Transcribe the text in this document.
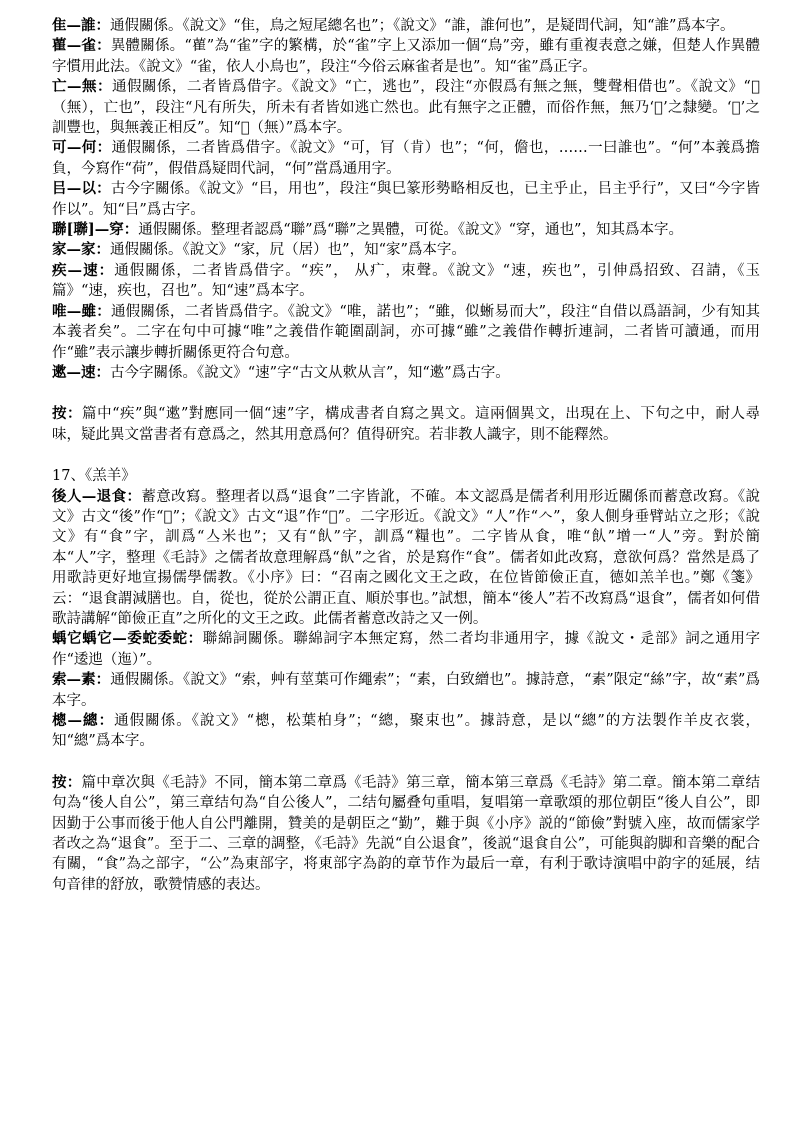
隹—誰：通假關係。《說文》“隹，鳥之短尾總名也”；《說文》“誰，誰何也”，是疑問代詞，知“誰”爲本字。

雚—雀：異體關係。“雚”為“雀”字的繁構，於“雀”字上又添加一個“鳥”旁，雖有重複表意之嫌，但楚人作異體字慣用此法。《說文》“雀，依人小鳥也”，段注“今俗云麻雀者是也”。知“雀”爲正字。

亡—無：通假關係，二者皆爲借字。《說文》“亡，逃也”，段注“亦假爲有無之無，雙聲相借也”。《說文》“𣞤（無），亡也”，段注“凡有所失，所未有者皆如逃亡然也。此有無字之正體，而俗作無，無乃‘𣞤’之隸變。‘𣞤’之訓豐也，與無義正相反”。知“𣞤（無）”爲本字。

可—何：通假關係，二者皆爲借字。《說文》“可，肎（肯）也”；“何，儋也，……一曰誰也”。“何”本義爲擔負，今寫作“荷”，假借爲疑問代詞，“何”當爲通用字。

㠯—以：古今字關係。《說文》“㠯，用也”，段注“與巳篆形勢略相反也，已主乎止，㠯主乎行”，又曰“今字皆作以”。知“㠯”爲古字。

聯[聯]—穿：通假關係。整理者認爲“聯”爲“聯”之異體，可從。《說文》“穿，通也”，知其爲本字。

家—家：通假關係。《說文》“家，凥（居）也”，知“家”爲本字。

疾—速：通假關係，二者皆爲借字。“疾”， 从疒，朿聲。《說文》“速，疾也”，引伸爲招致、召請，《玉篇》“速，疾也，召也”。知“速”爲本字。

唯—雖：通假關係，二者皆爲借字。《說文》“唯，諾也”；“雖，似蜥易而大”，段注“自借以爲語詞，少有知其本義者矣”。二字在句中可據“唯”之義借作範圍副詞，亦可據“雖”之義借作轉折連詞，二者皆可讀通，而用作“雖”表示讓步轉折關係更符合句意。

遬—速：古今字關係。《說文》“速”字“古文从欶从言”，知“遬”爲古字。

按：篇中“疾”與“遬”對應同一個“速”字，構成書者自寫之異文。這兩個異文，出現在上、下句之中，耐人尋味，疑此異文當書者有意爲之，然其用意爲何？值得研究。若非教人識字，則不能釋然。

17、《羔羊》

後人—退食：蓄意改寫。整理者以爲“退食”二字皆訛，不確。本文認爲是儒者利用形近關係而蓄意改寫。《說文》古文“後”作“𢔝”；《說文》古文“退”作“𢓴”。二字形近。《說文》“人”作“𠆢”，象人側身垂臂站立之形；《說文》有“食”字，訓爲“亼米也”；又有“飤”字，訓爲“糧也”。二字皆从食，唯“飤”增一“人”旁。對於簡本“人”字，整理《毛詩》之儒者故意理解爲“飤”之省，於是寫作“食”。儒者如此改寫，意欲何爲？當然是爲了用歌詩更好地宣揚儒學儒教。《小序》曰：“召南之國化文王之政，在位皆節儉正直，德如羔羊也。”鄭《箋》云：“退食謂減膳也。自，從也，從於公謂正直、順於事也。”試想，簡本“後人”若不改寫爲“退食”，儒者如何借歌詩講解“節儉正直”之所化的文王之政。此儒者蓄意改詩之又一例。

蝺它蝺它—委蛇委蛇：聯綿詞關係。聯綿詞字本無定寫，然二者均非通用字，據《說文・辵部》詞之通用字作“逶迆（迤）”。

索—素：通假關係。《說文》“索，艸有莖葉可作繩索”；“素，白致繒也”。據詩意，“素”限定“絲”字，故“素”爲本字。

樬—總：通假關係。《說文》“樬，松葉柏身”；“總，聚束也”。據詩意，是以“總”的方法製作羊皮衣裳，知“總”爲本字。

按：篇中章次與《毛詩》不同，簡本第二章爲《毛詩》第三章，簡本第三章爲《毛詩》第二章。簡本第二章结句為“後人自公”，第三章结句為“自公後人”，二结句屬叠句重唱，复唱第一章歌頌的那位朝臣“後人自公”，即因勤于公事而後于他人自公門離開，贊美的是朝臣之“勤”，難于與《小序》説的“節儉”對號入座，故而儒家学者改之為“退食”。至于二、三章的調整，《毛詩》先説“自公退食”，後説“退食自公”，可能與韵脚和音樂的配合有關，“食”為之部字，“公”為東部字，将東部字為韵的章节作为最后一章，有利于歌诗演唱中韵字的延展，结句音律的舒放，歌赞情感的表达。
